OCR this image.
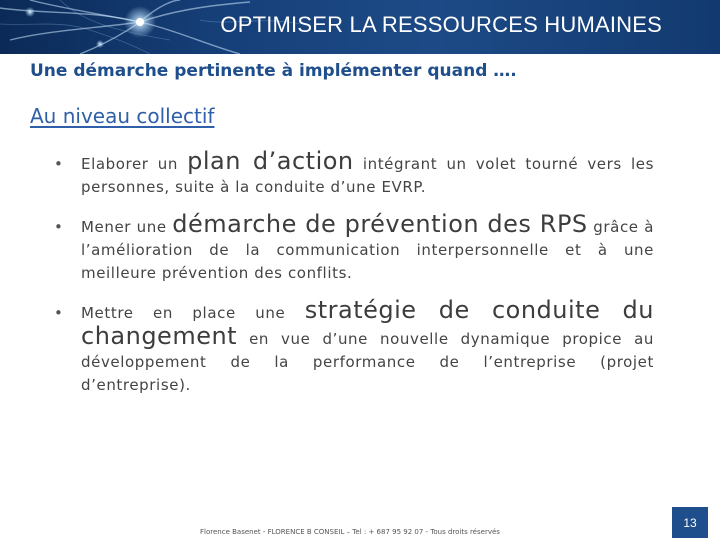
OPTIMISER LA RESSOURCES HUMAINES
Une démarche pertinente à implémenter quand ….
Au niveau collectif
• Elaborer un plan d’action intégrant un volet tourné vers les personnes, suite à la conduite d’une EVRP.
• Mener une démarche de prévention des RPS grâce à l’amélioration de la communication interpersonnelle et à une meilleure prévention des conflits.
• Mettre en place une stratégie de conduite du changement en vue d’une nouvelle dynamique propice au développement de la performance de l’entreprise (projet d’entreprise).
Florence Basenet - FLORENCE B CONSEIL – Tel : + 687 95 92 07 - Tous droits réservés
13
